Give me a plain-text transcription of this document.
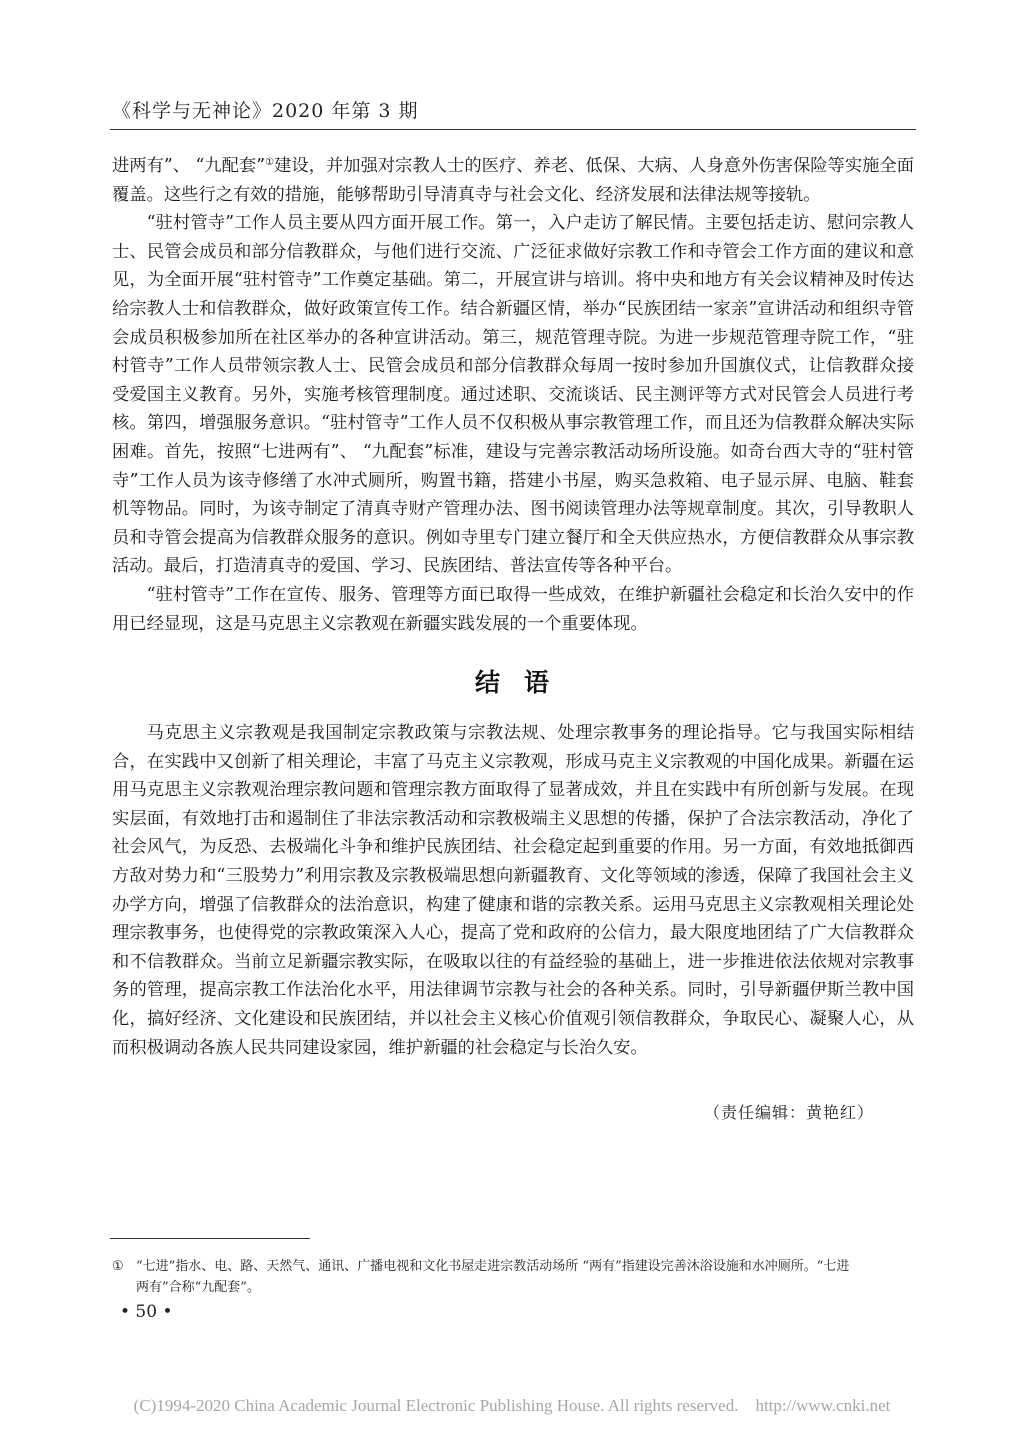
《科学与无神论》2020 年第 3 期

进两有”、 “九配套”①建设，并加强对宗教人士的医疗、养老、低保、大病、人身意外伤害保险等实施全面覆盖。这些行之有效的措施，能够帮助引导清真寺与社会文化、经济发展和法律法规等接轨。

“驻村管寺”工作人员主要从四方面开展工作。第一，入户走访了解民情。主要包括走访、慰问宗教人士、民管会成员和部分信教群众，与他们进行交流、广泛征求做好宗教工作和寺管会工作方面的建议和意见，为全面开展“驻村管寺”工作奠定基础。第二，开展宣讲与培训。将中央和地方有关会议精神及时传达给宗教人士和信教群众，做好政策宣传工作。结合新疆区情，举办“民族团结一家亲”宣讲活动和组织寺管会成员积极参加所在社区举办的各种宣讲活动。第三，规范管理寺院。为进一步规范管理寺院工作，“驻村管寺”工作人员带领宗教人士、民管会成员和部分信教群众每周一按时参加升国旗仪式，让信教群众接受爱国主义教育。另外，实施考核管理制度。通过述职、交流谈话、民主测评等方式对民管会人员进行考核。第四，增强服务意识。“驻村管寺”工作人员不仅积极从事宗教管理工作，而且还为信教群众解决实际困难。首先，按照“七进两有”、 “九配套”标准，建设与完善宗教活动场所设施。如奇台西大寺的“驻村管寺”工作人员为该寺修缮了水冲式厕所，购置书籍，搭建小书屋，购买急救箱、电子显示屏、电脑、鞋套机等物品。同时，为该寺制定了清真寺财产管理办法、图书阅读管理办法等规章制度。其次，引导教职人员和寺管会提高为信教群众服务的意识。例如寺里专门建立餐厅和全天供应热水，方便信教群众从事宗教活动。最后，打造清真寺的爱国、学习、民族团结、普法宣传等各种平台。

“驻村管寺”工作在宣传、服务、管理等方面已取得一些成效，在维护新疆社会稳定和长治久安中的作用已经显现，这是马克思主义宗教观在新疆实践发展的一个重要体现。

结语

马克思主义宗教观是我国制定宗教政策与宗教法规、处理宗教事务的理论指导。它与我国实际相结合，在实践中又创新了相关理论，丰富了马克主义宗教观，形成马克主义宗教观的中国化成果。新疆在运用马克思主义宗教观治理宗教问题和管理宗教方面取得了显著成效，并且在实践中有所创新与发展。在现实层面，有效地打击和遏制住了非法宗教活动和宗教极端主义思想的传播，保护了合法宗教活动，净化了社会风气，为反恐、去极端化斗争和维护民族团结、社会稳定起到重要的作用。另一方面，有效地抵御西方敌对势力和“三股势力”利用宗教及宗教极端思想向新疆教育、文化等领域的渗透，保障了我国社会主义办学方向，增强了信教群众的法治意识，构建了健康和谐的宗教关系。运用马克思主义宗教观相关理论处理宗教事务，也使得党的宗教政策深入人心，提高了党和政府的公信力，最大限度地团结了广大信教群众和不信教群众。当前立足新疆宗教实际，在吸取以往的有益经验的基础上，进一步推进依法依规对宗教事务的管理，提高宗教工作法治化水平，用法律调节宗教与社会的各种关系。同时，引导新疆伊斯兰教中国化，搞好经济、文化建设和民族团结，并以社会主义核心价值观引领信教群众，争取民心、凝聚人心，从而积极调动各族人民共同建设家园，维护新疆的社会稳定与长治久安。

（责任编辑：黄艳红）
① “七进”指水、电、路、天然气、通讯、广播电视和文化书屋走进宗教活动场所 “两有”指建设完善沐浴设施和水冲厕所。“七进
两有”合称“九配套”。
• 50 •
(C)1994-2020 China Academic Journal Electronic Publishing House. All rights reserved.    http://www.cnki.net
